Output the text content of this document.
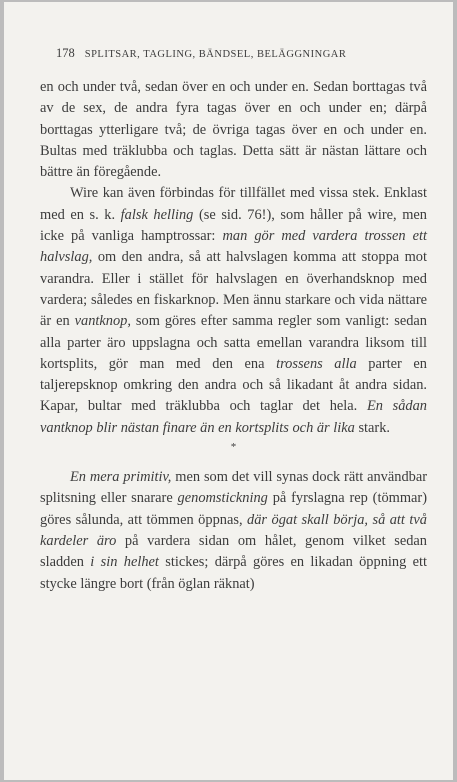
178 SPLITSAR, TAGLING, BÄNDSEL, BELÄGGNINGAR

en och under två, sedan över en och under en. Sedan borttagas två av de sex, de andra fyra tagas över en och under en; därpå borttagas ytterligare två; de övriga tagas över en och under en. Bultas med träklubba och taglas. Detta sätt är nästan lättare och bättre än föregående.

Wire kan även förbindas för tillfället med vissa stek. Enklast med en s. k. falsk helling (se sid. 76!), som håller på wire, men icke på vanliga hamptrossar: man gör med vardera trossen ett halvslag, om den andra, så att halvslagen komma att stoppa mot varandra. Eller i stället för halvslagen en överhandsknop med vardera; således en fiskarknop. Men ännu starkare och vida nättare är en vantknop, som göres efter samma regler som vanligt: sedan alla parter äro uppslagna och satta emellan varandra liksom till kortsplits, gör man med den ena trossens alla parter en taljerepsknop omkring den andra och så likadant åt andra sidan. Kapar, bultar med träklubba och taglar det hela. En sådan vantknop blir nästan finare än en kortsplits och är lika stark.

*

En mera primitiv, men som det vill synas dock rätt användbar splitsning eller snarare genomstickning på fyrslagna rep (tömmar) göres sålunda, att tömmen öppnas, där ögat skall börja, så att två kardeler äro på vardera sidan om hålet, genom vilket sedan sladden i sin helhet stickes; därpå göres en likadan öppning ett stycke längre bort (från öglan räknat)
